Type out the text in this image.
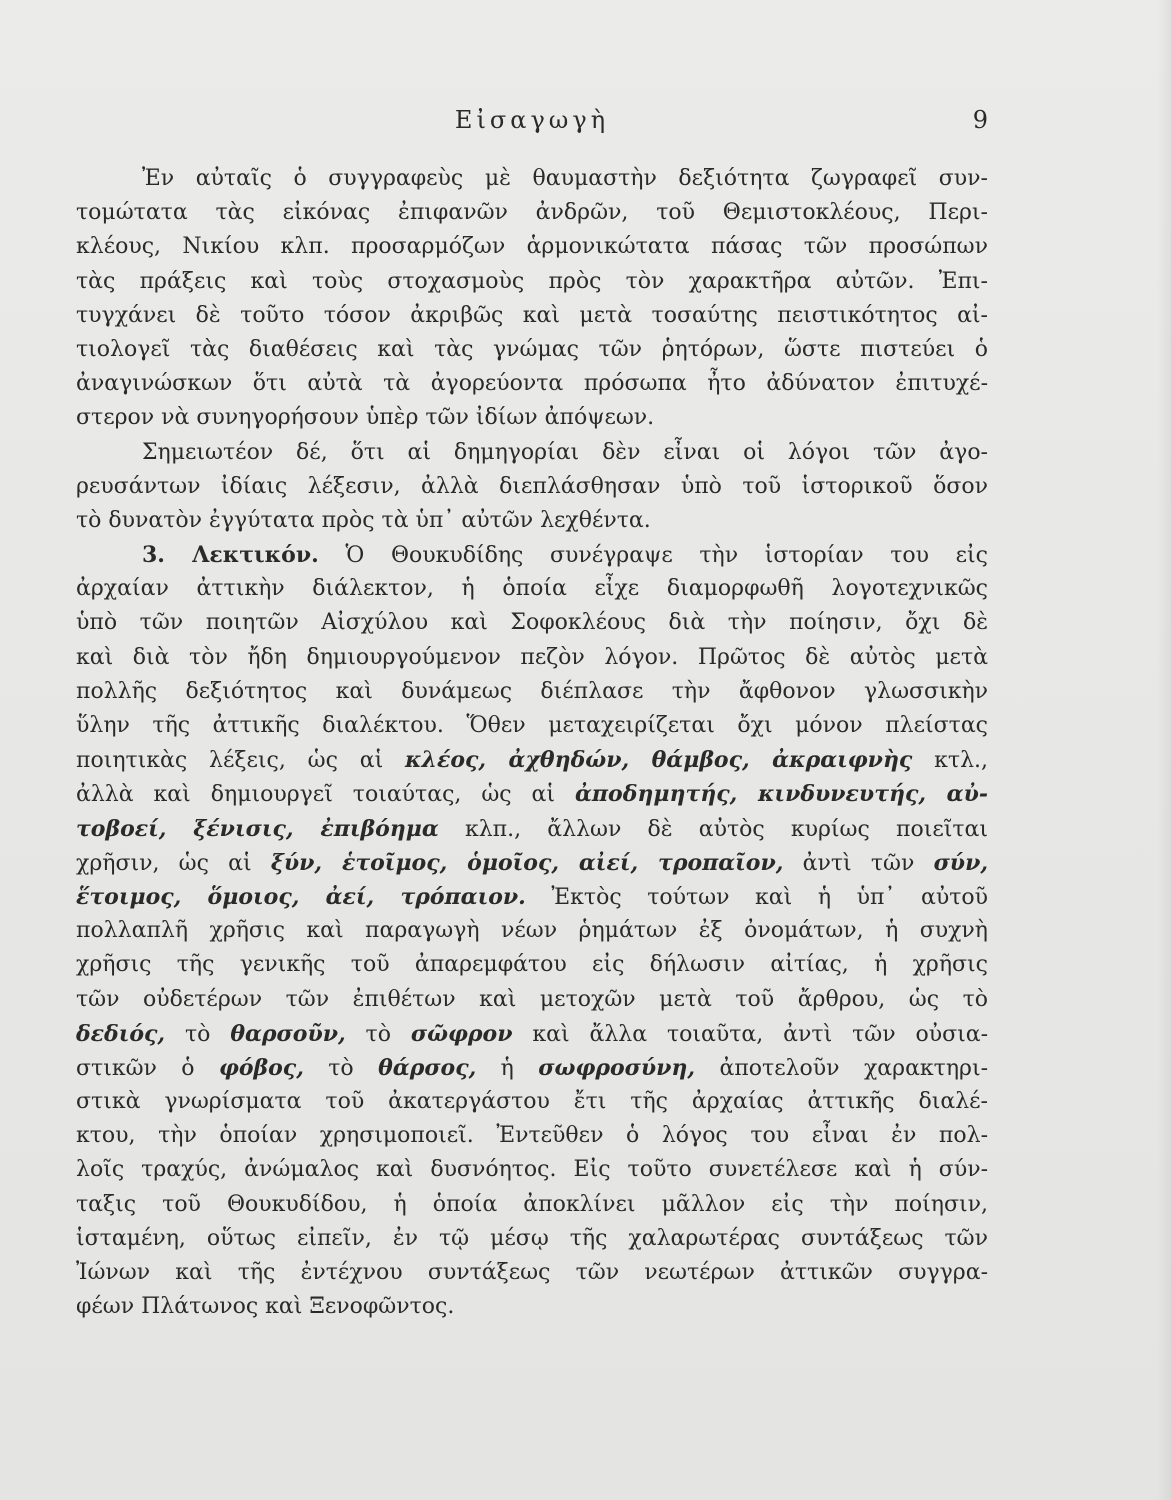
Εἰσαγωγὴ	9
Ἐν αὐταῖς ὁ συγγραφεὺς μὲ θαυμαστὴν δεξιότητα ζωγραφεῖ συν-
τομώτατα τὰς εἰκόνας ἐπιφανῶν ἀνδρῶν, τοῦ Θεμιστοκλέους, Περι-
κλέους, Νικίου κλπ. προσαρμόζων ἁρμονικώτατα πάσας τῶν προσώπων
τὰς πράξεις καὶ τοὺς στοχασμοὺς πρὸς τὸν χαρακτῆρα αὐτῶν. Ἐπι-
τυγχάνει δὲ τοῦτο τόσον ἀκριβῶς καὶ μετὰ τοσαύτης πειστικότητος αἰ-
τιολογεῖ τὰς διαθέσεις καὶ τὰς γνώμας τῶν ῥητόρων, ὥστε πιστεύει ὁ
ἀναγινώσκων ὅτι αὐτὰ τὰ ἀγορεύοντα πρόσωπα ἦτο ἀδύνατον ἐπιτυχέ-
στερον νὰ συνηγορήσουν ὑπὲρ τῶν ἰδίων ἀπόψεων.
Σημειωτέον δέ, ὅτι αἱ δημηγορίαι δὲν εἶναι οἱ λόγοι τῶν ἀγο-
ρευσάντων ἰδίαις λέξεσιν, ἀλλὰ διεπλάσθησαν ὑπὸ τοῦ ἱστορικοῦ ὅσον
τὸ δυνατὸν ἐγγύτατα πρὸς τὰ ὑπ᾿ αὐτῶν λεχθέντα.
3. Λεκτικόν. Ὁ Θουκυδίδης συνέγραψε τὴν ἱστορίαν του εἰς
ἀρχαίαν ἀττικὴν διάλεκτον, ἡ ὁποία εἶχε διαμορφωθῆ λογοτεχνικῶς
ὑπὸ τῶν ποιητῶν Αἰσχύλου καὶ Σοφοκλέους διὰ τὴν ποίησιν, ὄχι δὲ
καὶ διὰ τὸν ἤδη δημιουργούμενον πεζὸν λόγον. Πρῶτος δὲ αὐτὸς μετὰ
πολλῆς δεξιότητος καὶ δυνάμεως διέπλασε τὴν ἄφθονον γλωσσικὴν
ὕλην τῆς ἀττικῆς διαλέκτου. Ὅθεν μεταχειρίζεται ὄχι μόνον πλείστας
ποιητικὰς λέξεις, ὡς αἱ κλέος, ἀχθηδών, θάμβος, ἀκραιφνὴς κτλ.,
ἀλλὰ καὶ δημιουργεῖ τοιαύτας, ὡς αἱ ἀποδημητής, κινδυνευτής, αὐ-
τοβοεί, ξένισις, ἐπιβόημα κλπ., ἄλλων δὲ αὐτὸς κυρίως ποιεῖται
χρῆσιν, ὡς αἱ ξύν, ἑτοῖμος, ὁμοῖος, αἰεί, τροπαῖον, ἀντὶ τῶν σύν,
ἕτοιμος, ὅμοιος, ἀεί, τρόπαιον. Ἐκτὸς τούτων καὶ ἡ ὑπ᾿ αὐτοῦ
πολλαπλῆ χρῆσις καὶ παραγωγὴ νέων ῥημάτων ἐξ ὀνομάτων, ἡ συχνὴ
χρῆσις τῆς γενικῆς τοῦ ἀπαρεμφάτου εἰς δήλωσιν αἰτίας, ἡ χρῆσις
τῶν οὐδετέρων τῶν ἐπιθέτων καὶ μετοχῶν μετὰ τοῦ ἄρθρου, ὡς τὸ
δεδιός, τὸ θαρσοῦν, τὸ σῶφρον καὶ ἄλλα τοιαῦτα, ἀντὶ τῶν οὐσια-
στικῶν ὁ φόβος, τὸ θάρσος, ἡ σωφροσύνη, ἀποτελοῦν χαρακτηρι-
στικὰ γνωρίσματα τοῦ ἀκατεργάστου ἔτι τῆς ἀρχαίας ἀττικῆς διαλέ-
κτου, τὴν ὁποίαν χρησιμοποιεῖ. Ἐντεῦθεν ὁ λόγος του εἶναι ἐν πολ-
λοῖς τραχύς, ἀνώμαλος καὶ δυσνόητος. Εἰς τοῦτο συνετέλεσε καὶ ἡ σύν-
ταξις τοῦ Θουκυδίδου, ἡ ὁποία ἀποκλίνει μᾶλλον εἰς τὴν ποίησιν,
ἱσταμένη, οὕτως εἰπεῖν, ἐν τῷ μέσῳ τῆς χαλαρωτέρας συντάξεως τῶν
Ἰώνων καὶ τῆς ἐντέχνου συντάξεως τῶν νεωτέρων ἀττικῶν συγγρα-
φέων Πλάτωνος καὶ Ξενοφῶντος.
